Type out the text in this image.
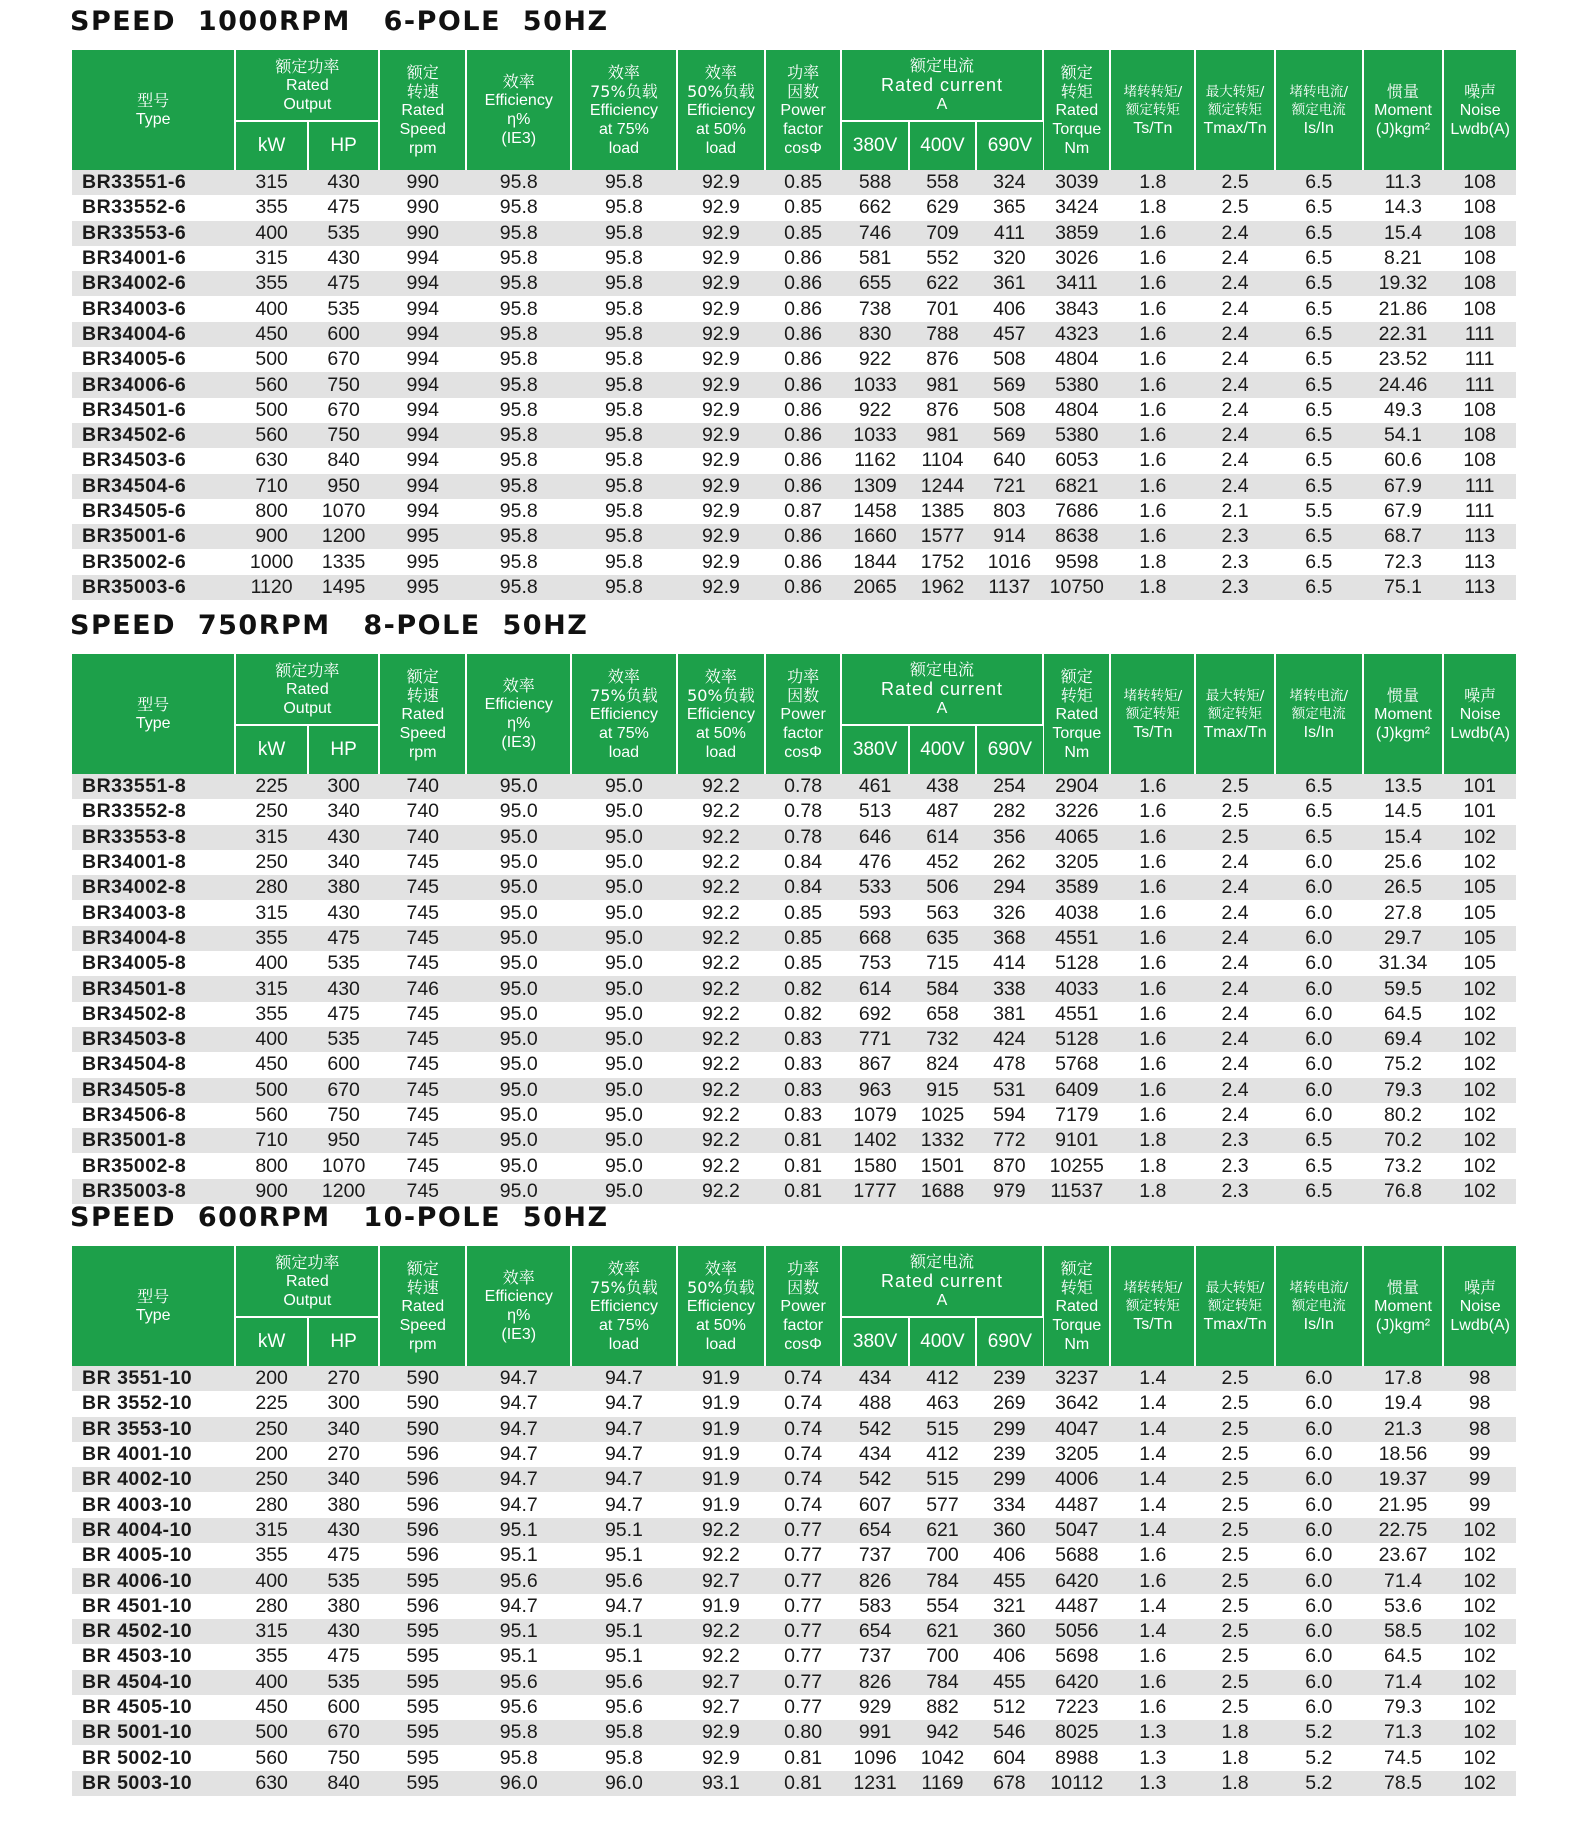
SPEED  1000RPM   6-POLE  50HZ
型号
Type	额定功率
Rated
Output		额定
转速
Rated
Speed
rpm	效率
Efficiency
η%
(IE3)	效率
75%负载
Efficiency
at 75%
load	效率
50%负载
Efficiency
at 50%
load	功率
因数
Power
factor
cosΦ	额定电流
Rated current
A			额定
转矩
Rated
Torque
Nm	堵转转矩/
额定转矩
Ts/Tn	最大转矩/
额定转矩
Tmax/Tn	堵转电流/
额定电流
Is/In	惯量
Moment
(J)kgm²	噪声
Noise
Lwdb(A)

	kW	HP						380V	400V	690V						
BR33551-6	315	430	990	95.8	95.8	92.9	0.85	588	558	324	3039	1.8	2.5	6.5	11.3	108
BR33552-6	355	475	990	95.8	95.8	92.9	0.85	662	629	365	3424	1.8	2.5	6.5	14.3	108
BR33553-6	400	535	990	95.8	95.8	92.9	0.85	746	709	411	3859	1.6	2.4	6.5	15.4	108
BR34001-6	315	430	994	95.8	95.8	92.9	0.86	581	552	320	3026	1.6	2.4	6.5	8.21	108
BR34002-6	355	475	994	95.8	95.8	92.9	0.86	655	622	361	3411	1.6	2.4	6.5	19.32	108
BR34003-6	400	535	994	95.8	95.8	92.9	0.86	738	701	406	3843	1.6	2.4	6.5	21.86	108
BR34004-6	450	600	994	95.8	95.8	92.9	0.86	830	788	457	4323	1.6	2.4	6.5	22.31	111
BR34005-6	500	670	994	95.8	95.8	92.9	0.86	922	876	508	4804	1.6	2.4	6.5	23.52	111
BR34006-6	560	750	994	95.8	95.8	92.9	0.86	1033	981	569	5380	1.6	2.4	6.5	24.46	111
BR34501-6	500	670	994	95.8	95.8	92.9	0.86	922	876	508	4804	1.6	2.4	6.5	49.3	108
BR34502-6	560	750	994	95.8	95.8	92.9	0.86	1033	981	569	5380	1.6	2.4	6.5	54.1	108
BR34503-6	630	840	994	95.8	95.8	92.9	0.86	1162	1104	640	6053	1.6	2.4	6.5	60.6	108
BR34504-6	710	950	994	95.8	95.8	92.9	0.86	1309	1244	721	6821	1.6	2.4	6.5	67.9	111
BR34505-6	800	1070	994	95.8	95.8	92.9	0.87	1458	1385	803	7686	1.6	2.1	5.5	67.9	111
BR35001-6	900	1200	995	95.8	95.8	92.9	0.86	1660	1577	914	8638	1.6	2.3	6.5	68.7	113
BR35002-6	1000	1335	995	95.8	95.8	92.9	0.86	1844	1752	1016	9598	1.8	2.3	6.5	72.3	113
BR35003-6	1120	1495	995	95.8	95.8	92.9	0.86	2065	1962	1137	10750	1.8	2.3	6.5	75.1	113
SPEED  750RPM   8-POLE  50HZ
型号
Type	额定功率
Rated
Output		额定
转速
Rated
Speed
rpm	效率
Efficiency
η%
(IE3)	效率
75%负载
Efficiency
at 75%
load	效率
50%负载
Efficiency
at 50%
load	功率
因数
Power
factor
cosΦ	额定电流
Rated current
A			额定
转矩
Rated
Torque
Nm	堵转转矩/
额定转矩
Ts/Tn	最大转矩/
额定转矩
Tmax/Tn	堵转电流/
额定电流
Is/In	惯量
Moment
(J)kgm²	噪声
Noise
Lwdb(A)

	kW	HP						380V	400V	690V						
BR33551-8	225	300	740	95.0	95.0	92.2	0.78	461	438	254	2904	1.6	2.5	6.5	13.5	101
BR33552-8	250	340	740	95.0	95.0	92.2	0.78	513	487	282	3226	1.6	2.5	6.5	14.5	101
BR33553-8	315	430	740	95.0	95.0	92.2	0.78	646	614	356	4065	1.6	2.5	6.5	15.4	102
BR34001-8	250	340	745	95.0	95.0	92.2	0.84	476	452	262	3205	1.6	2.4	6.0	25.6	102
BR34002-8	280	380	745	95.0	95.0	92.2	0.84	533	506	294	3589	1.6	2.4	6.0	26.5	105
BR34003-8	315	430	745	95.0	95.0	92.2	0.85	593	563	326	4038	1.6	2.4	6.0	27.8	105
BR34004-8	355	475	745	95.0	95.0	92.2	0.85	668	635	368	4551	1.6	2.4	6.0	29.7	105
BR34005-8	400	535	745	95.0	95.0	92.2	0.85	753	715	414	5128	1.6	2.4	6.0	31.34	105
BR34501-8	315	430	746	95.0	95.0	92.2	0.82	614	584	338	4033	1.6	2.4	6.0	59.5	102
BR34502-8	355	475	745	95.0	95.0	92.2	0.82	692	658	381	4551	1.6	2.4	6.0	64.5	102
BR34503-8	400	535	745	95.0	95.0	92.2	0.83	771	732	424	5128	1.6	2.4	6.0	69.4	102
BR34504-8	450	600	745	95.0	95.0	92.2	0.83	867	824	478	5768	1.6	2.4	6.0	75.2	102
BR34505-8	500	670	745	95.0	95.0	92.2	0.83	963	915	531	6409	1.6	2.4	6.0	79.3	102
BR34506-8	560	750	745	95.0	95.0	92.2	0.83	1079	1025	594	7179	1.6	2.4	6.0	80.2	102
BR35001-8	710	950	745	95.0	95.0	92.2	0.81	1402	1332	772	9101	1.8	2.3	6.5	70.2	102
BR35002-8	800	1070	745	95.0	95.0	92.2	0.81	1580	1501	870	10255	1.8	2.3	6.5	73.2	102
BR35003-8	900	1200	745	95.0	95.0	92.2	0.81	1777	1688	979	11537	1.8	2.3	6.5	76.8	102
SPEED  600RPM   10-POLE  50HZ
型号
Type	额定功率
Rated
Output		额定
转速
Rated
Speed
rpm	效率
Efficiency
η%
(IE3)	效率
75%负载
Efficiency
at 75%
load	效率
50%负载
Efficiency
at 50%
load	功率
因数
Power
factor
cosΦ	额定电流
Rated current
A			额定
转矩
Rated
Torque
Nm	堵转转矩/
额定转矩
Ts/Tn	最大转矩/
额定转矩
Tmax/Tn	堵转电流/
额定电流
Is/In	惯量
Moment
(J)kgm²	噪声
Noise
Lwdb(A)

	kW	HP						380V	400V	690V						
BR 3551-10	200	270	590	94.7	94.7	91.9	0.74	434	412	239	3237	1.4	2.5	6.0	17.8	98
BR 3552-10	225	300	590	94.7	94.7	91.9	0.74	488	463	269	3642	1.4	2.5	6.0	19.4	98
BR 3553-10	250	340	590	94.7	94.7	91.9	0.74	542	515	299	4047	1.4	2.5	6.0	21.3	98
BR 4001-10	200	270	596	94.7	94.7	91.9	0.74	434	412	239	3205	1.4	2.5	6.0	18.56	99
BR 4002-10	250	340	596	94.7	94.7	91.9	0.74	542	515	299	4006	1.4	2.5	6.0	19.37	99
BR 4003-10	280	380	596	94.7	94.7	91.9	0.74	607	577	334	4487	1.4	2.5	6.0	21.95	99
BR 4004-10	315	430	596	95.1	95.1	92.2	0.77	654	621	360	5047	1.4	2.5	6.0	22.75	102
BR 4005-10	355	475	596	95.1	95.1	92.2	0.77	737	700	406	5688	1.6	2.5	6.0	23.67	102
BR 4006-10	400	535	595	95.6	95.6	92.7	0.77	826	784	455	6420	1.6	2.5	6.0	71.4	102
BR 4501-10	280	380	596	94.7	94.7	91.9	0.77	583	554	321	4487	1.4	2.5	6.0	53.6	102
BR 4502-10	315	430	595	95.1	95.1	92.2	0.77	654	621	360	5056	1.4	2.5	6.0	58.5	102
BR 4503-10	355	475	595	95.1	95.1	92.2	0.77	737	700	406	5698	1.6	2.5	6.0	64.5	102
BR 4504-10	400	535	595	95.6	95.6	92.7	0.77	826	784	455	6420	1.6	2.5	6.0	71.4	102
BR 4505-10	450	600	595	95.6	95.6	92.7	0.77	929	882	512	7223	1.6	2.5	6.0	79.3	102
BR 5001-10	500	670	595	95.8	95.8	92.9	0.80	991	942	546	8025	1.3	1.8	5.2	71.3	102
BR 5002-10	560	750	595	95.8	95.8	92.9	0.81	1096	1042	604	8988	1.3	1.8	5.2	74.5	102
BR 5003-10	630	840	595	96.0	96.0	93.1	0.81	1231	1169	678	10112	1.3	1.8	5.2	78.5	102
